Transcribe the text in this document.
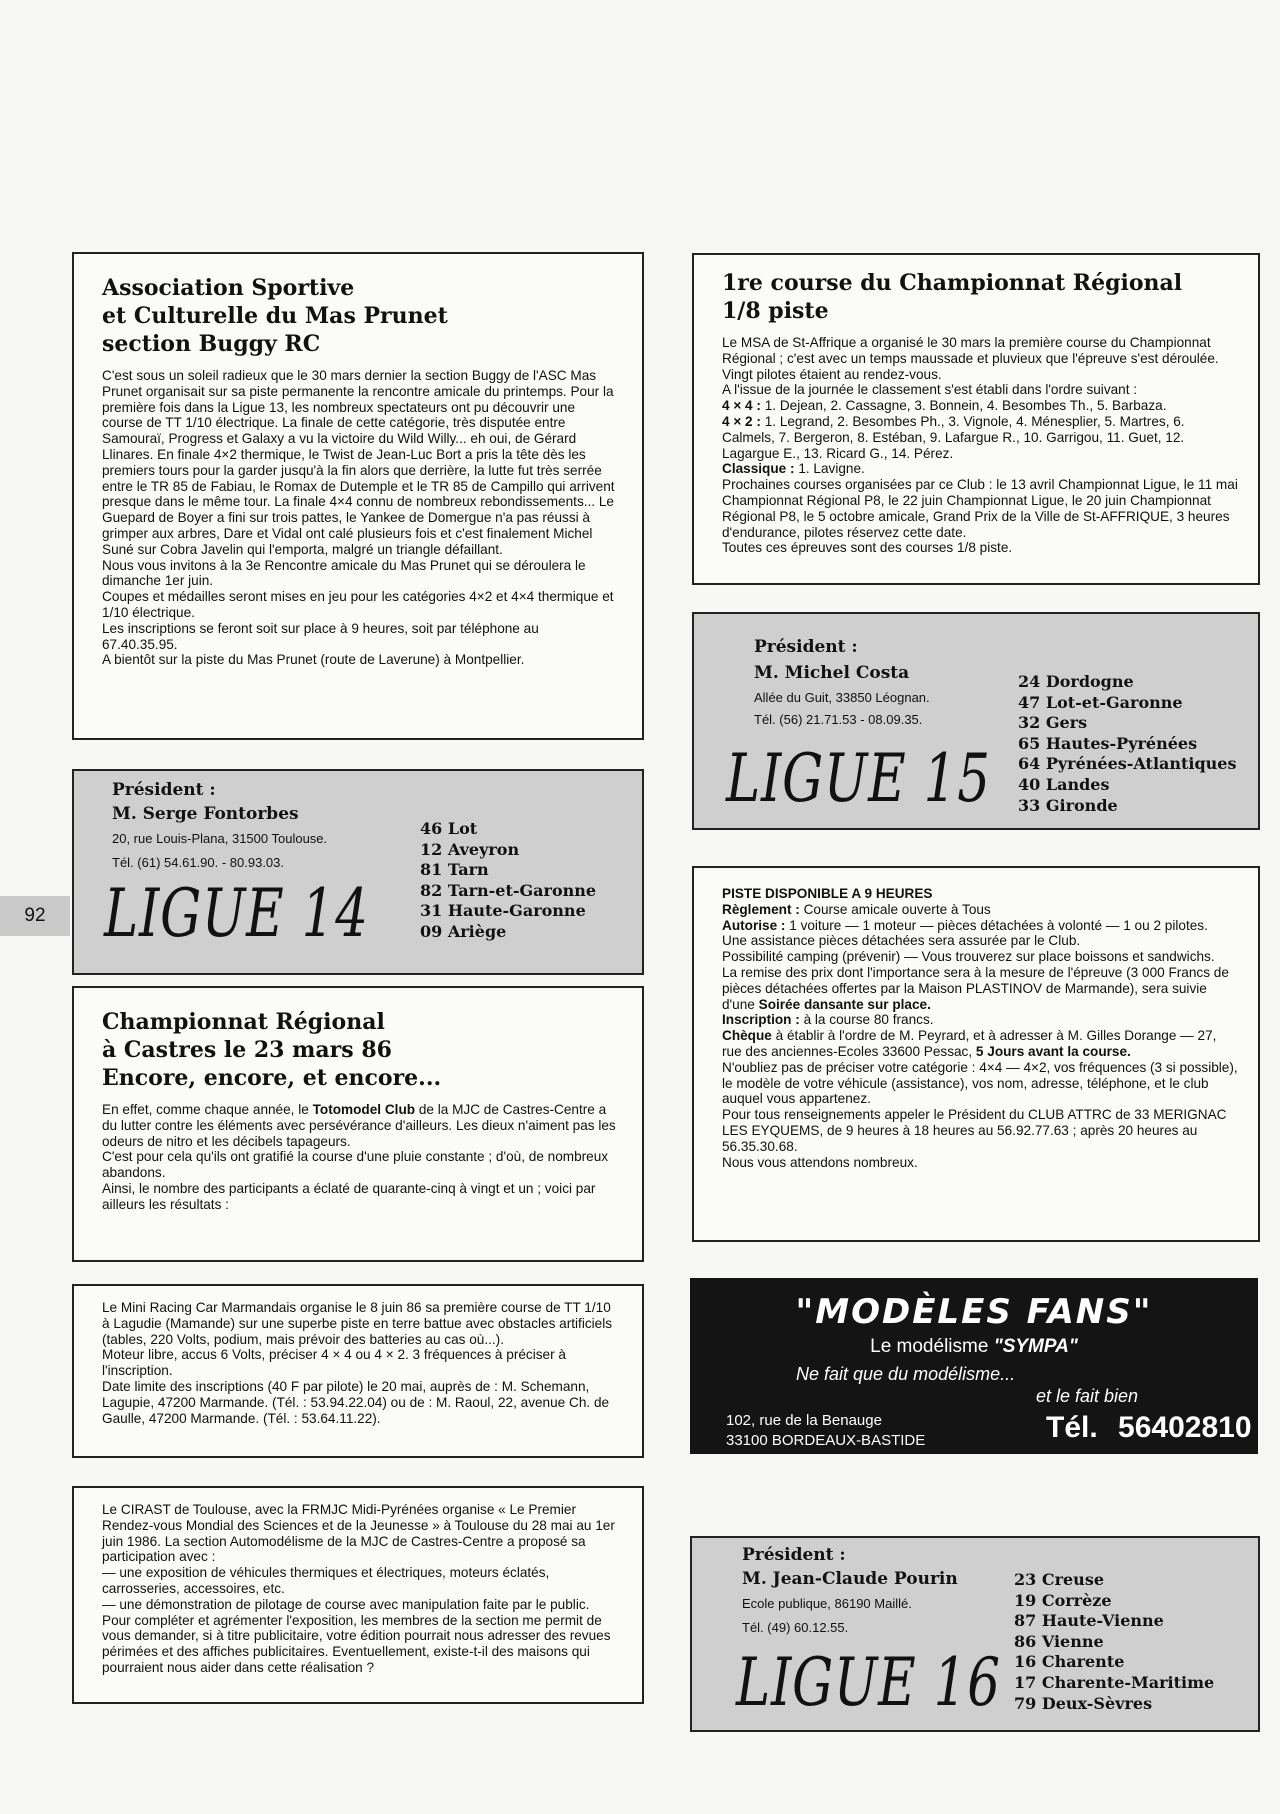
92
Association Sportive
et Culturelle du Mas Prunet
section Buggy RC

C'est sous un soleil radieux que le 30 mars dernier la section Buggy de l'ASC Mas Prunet organisait sur sa piste permanente la rencontre amicale du printemps. Pour la première fois dans la Ligue 13, les nombreux spectateurs ont pu découvrir une course de TT 1/10 électrique. La finale de cette catégorie, très disputée entre Samouraï, Progress et Galaxy a vu la victoire du Wild Willy... eh oui, de Gérard Llinares. En finale 4×2 thermique, le Twist de Jean-Luc Bort a pris la tête dès les premiers tours pour la garder jusqu'à la fin alors que derrière, la lutte fut très serrée entre le TR 85 de Fabiau, le Romax de Dutemple et le TR 85 de Campillo qui arrivent presque dans le même tour. La finale 4×4 connu de nombreux rebondissements... Le Guepard de Boyer a fini sur trois pattes, le Yankee de Domergue n'a pas réussi à grimper aux arbres, Dare et Vidal ont calé plusieurs fois et c'est finalement Michel Suné sur Cobra Javelin qui l'emporta, malgré un triangle défaillant.

Nous vous invitons à la 3e Rencontre amicale du Mas Prunet qui se déroulera le dimanche 1er juin.

Coupes et médailles seront mises en jeu pour les catégories 4×2 et 4×4 thermique et 1/10 électrique.

Les inscriptions se feront soit sur place à 9 heures, soit par téléphone au 67.40.35.95.

A bientôt sur la piste du Mas Prunet (route de Laverune) à Montpellier.

1re course du Championnat Régional
1/8 piste

Le MSA de St-Affrique a organisé le 30 mars la première course du Championnat Régional ; c'est avec un temps maussade et pluvieux que l'épreuve s'est déroulée. Vingt pilotes étaient au rendez-vous.

A l'issue de la journée le classement s'est établi dans l'ordre suivant :

4 × 4 : 1. Dejean, 2. Cassagne, 3. Bonnein, 4. Besombes Th., 5. Barbaza.

4 × 2 : 1. Legrand, 2. Besombes Ph., 3. Vignole, 4. Ménesplier, 5. Martres, 6. Calmels, 7. Bergeron, 8. Estéban, 9. Lafargue R., 10. Garrigou, 11. Guet, 12. Lagargue E., 13. Ricard G., 14. Pérez.

Classique : 1. Lavigne.

Prochaines courses organisées par ce Club : le 13 avril Championnat Ligue, le 11 mai Championnat Régional P8, le 22 juin Championnat Ligue, le 20 juin Championnat Régional P8, le 5 octobre amicale, Grand Prix de la Ville de St-AFFRIQUE, 3 heures d'endurance, pilotes réservez cette date.

Toutes ces épreuves sont des courses 1/8 piste.

Président :
M. Michel Costa
Allée du Guit, 33850 Léognan.
Tél. (56) 21.71.53 - 08.09.35.
LIGUE 15
24 Dordogne
47 Lot-et-Garonne
32 Gers
65 Hautes-Pyrénées
64 Pyrénées-Atlantiques
40 Landes
33 Gironde
Président :
M. Serge Fontorbes
20, rue Louis-Plana, 31500 Toulouse.
Tél. (61) 54.61.90. - 80.93.03.
LIGUE 14
46 Lot
12 Aveyron
81 Tarn
82 Tarn-et-Garonne
31 Haute-Garonne
09 Ariège

PISTE DISPONIBLE A 9 HEURES

Règlement : Course amicale ouverte à Tous

Autorise : 1 voiture — 1 moteur — pièces détachées à volonté — 1 ou 2 pilotes.

Une assistance pièces détachées sera assurée par le Club.

Possibilité camping (prévenir) — Vous trouverez sur place boissons et sandwichs.

La remise des prix dont l'importance sera à la mesure de l'épreuve (3 000 Francs de pièces détachées offertes par la Maison PLASTINOV de Marmande), sera suivie d'une Soirée dansante sur place.

Inscription : à la course 80 francs.

Chèque à établir à l'ordre de M. Peyrard, et à adresser à M. Gilles Dorange — 27, rue des anciennes-Ecoles 33600 Pessac, 5 Jours avant la course.

N'oubliez pas de préciser votre catégorie : 4×4 — 4×2, vos fréquences (3 si possible), le modèle de votre véhicule (assistance), vos nom, adresse, téléphone, et le club auquel vous appartenez.

Pour tous renseignements appeler le Président du CLUB ATTRC de 33 MERIGNAC LES EYQUEMS, de 9 heures à 18 heures au 56.92.77.63 ; après 20 heures au 56.35.30.68.

Nous vous attendons nombreux.

Championnat Régional
à Castres le 23 mars 86
Encore, encore, et encore...

En effet, comme chaque année, le Totomodel Club de la MJC de Castres-Centre a du lutter contre les éléments avec persévérance d'ailleurs. Les dieux n'aiment pas les odeurs de nitro et les décibels tapageurs.

C'est pour cela qu'ils ont gratifié la course d'une pluie constante ; d'où, de nombreux abandons.

Ainsi, le nombre des participants a éclaté de quarante-cinq à vingt et un ; voici par ailleurs les résultats :

Le Mini Racing Car Marmandais organise le 8 juin 86 sa première course de TT 1/10 à Lagudie (Mamande) sur une superbe piste en terre battue avec obstacles artificiels (tables, 220 Volts, podium, mais prévoir des batteries au cas où...).

Moteur libre, accus 6 Volts, préciser 4 × 4 ou 4 × 2. 3 fréquences à préciser à l'inscription.

Date limite des inscriptions (40 F par pilote) le 20 mai, auprès de : M. Schemann, Lagupie, 47200 Marmande. (Tél. : 53.94.22.04) ou de : M. Raoul, 22, avenue Ch. de Gaulle, 47200 Marmande. (Tél. : 53.64.11.22).

"MODÈLES FANS"
Le modélisme "SYMPA"
Ne fait que du modélisme...
et le fait bien
102, rue de la Benauge
33100 BORDEAUX-BASTIDE	Tél. 56402810

Le CIRAST de Toulouse, avec la FRMJC Midi-Pyrénées organise « Le Premier Rendez-vous Mondial des Sciences et de la Jeunesse » à Toulouse du 28 mai au 1er juin 1986. La section Automodélisme de la MJC de Castres-Centre a proposé sa participation avec :

— une exposition de véhicules thermiques et électriques, moteurs éclatés, carrosseries, accessoires, etc.

— une démonstration de pilotage de course avec manipulation faite par le public.

Pour compléter et agrémenter l'exposition, les membres de la section me permit de vous demander, si à titre publicitaire, votre édition pourrait nous adresser des revues périmées et des affiches publicitaires. Eventuellement, existe-t-il des maisons qui pourraient nous aider dans cette réalisation ?

Président :
M. Jean-Claude Pourin
Ecole publique, 86190 Maillé.
Tél. (49) 60.12.55.
LIGUE 16
23 Creuse
19 Corrèze
87 Haute-Vienne
86 Vienne
16 Charente
17 Charente-Maritime
79 Deux-Sèvres
